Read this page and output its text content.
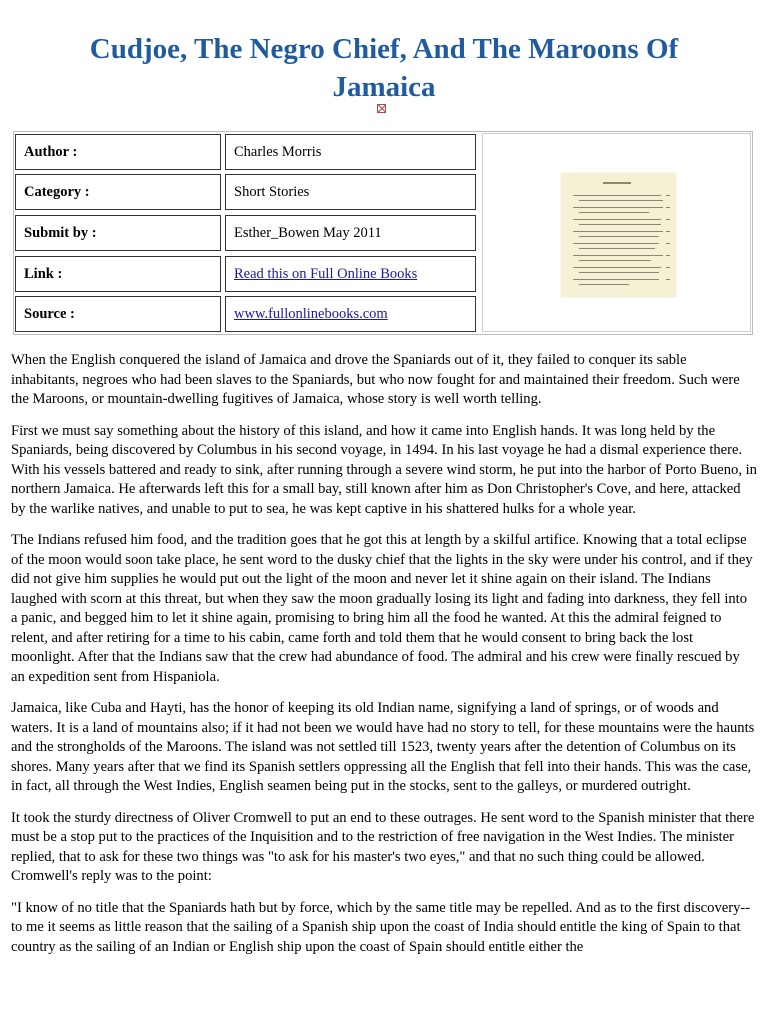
Cudjoe, The Negro Chief, And The Maroons Of
Jamaica
Author :	Charles Morris
Category :	Short Stories
Submit by :	Esther_Bowen May 2011
Link :	Read this on Full Online Books
Source :	www.fullonlinebooks.com

When the English conquered the island of Jamaica and drove the Spaniards out of it, they failed to conquer its sable inhabitants, negroes who had been slaves to the Spaniards, but who now fought for and maintained their freedom. Such were the Maroons, or mountain-dwelling fugitives of Jamaica, whose story is well worth telling.

First we must say something about the history of this island, and how it came into English hands. It was long held by the Spaniards, being discovered by Columbus in his second voyage, in 1494. In his last voyage he had a dismal experience there. With his vessels battered and ready to sink, after running through a severe wind storm, he put into the harbor of Porto Bueno, in northern Jamaica. He afterwards left this for a small bay, still known after him as Don Christopher's Cove, and here, attacked by the warlike natives, and unable to put to sea, he was kept captive in his shattered hulks for a whole year.

The Indians refused him food, and the tradition goes that he got this at length by a skilful artifice. Knowing that a total eclipse of the moon would soon take place, he sent word to the dusky chief that the lights in the sky were under his control, and if they did not give him supplies he would put out the light of the moon and never let it shine again on their island. The Indians laughed with scorn at this threat, but when they saw the moon gradually losing its light and fading into darkness, they fell into a panic, and begged him to let it shine again, promising to bring him all the food he wanted. At this the admiral feigned to relent, and after retiring for a time to his cabin, came forth and told them that he would consent to bring back the lost moonlight. After that the Indians saw that the crew had abundance of food. The admiral and his crew were finally rescued by an expedition sent from Hispaniola.

Jamaica, like Cuba and Hayti, has the honor of keeping its old Indian name, signifying a land of springs, or of woods and waters. It is a land of mountains also; if it had not been we would have had no story to tell, for these mountains were the haunts and the strongholds of the Maroons. The island was not settled till 1523, twenty years after the detention of Columbus on its shores. Many years after that we find its Spanish settlers oppressing all the English that fell into their hands. This was the case, in fact, all through the West Indies, English seamen being put in the stocks, sent to the galleys, or murdered outright.

It took the sturdy directness of Oliver Cromwell to put an end to these outrages. He sent word to the Spanish minister that there must be a stop put to the practices of the Inquisition and to the restriction of free navigation in the West Indies. The minister replied, that to ask for these two things was "to ask for his master's two eyes," and that no such thing could be allowed. Cromwell's reply was to the point:

"I know of no title that the Spaniards hath but by force, which by the same title may be repelled. And as to the first discovery--to me it seems as little reason that the sailing of a Spanish ship upon the coast of India should entitle the king of Spain to that country as the sailing of an Indian or English ship upon the coast of Spain should entitle either the
